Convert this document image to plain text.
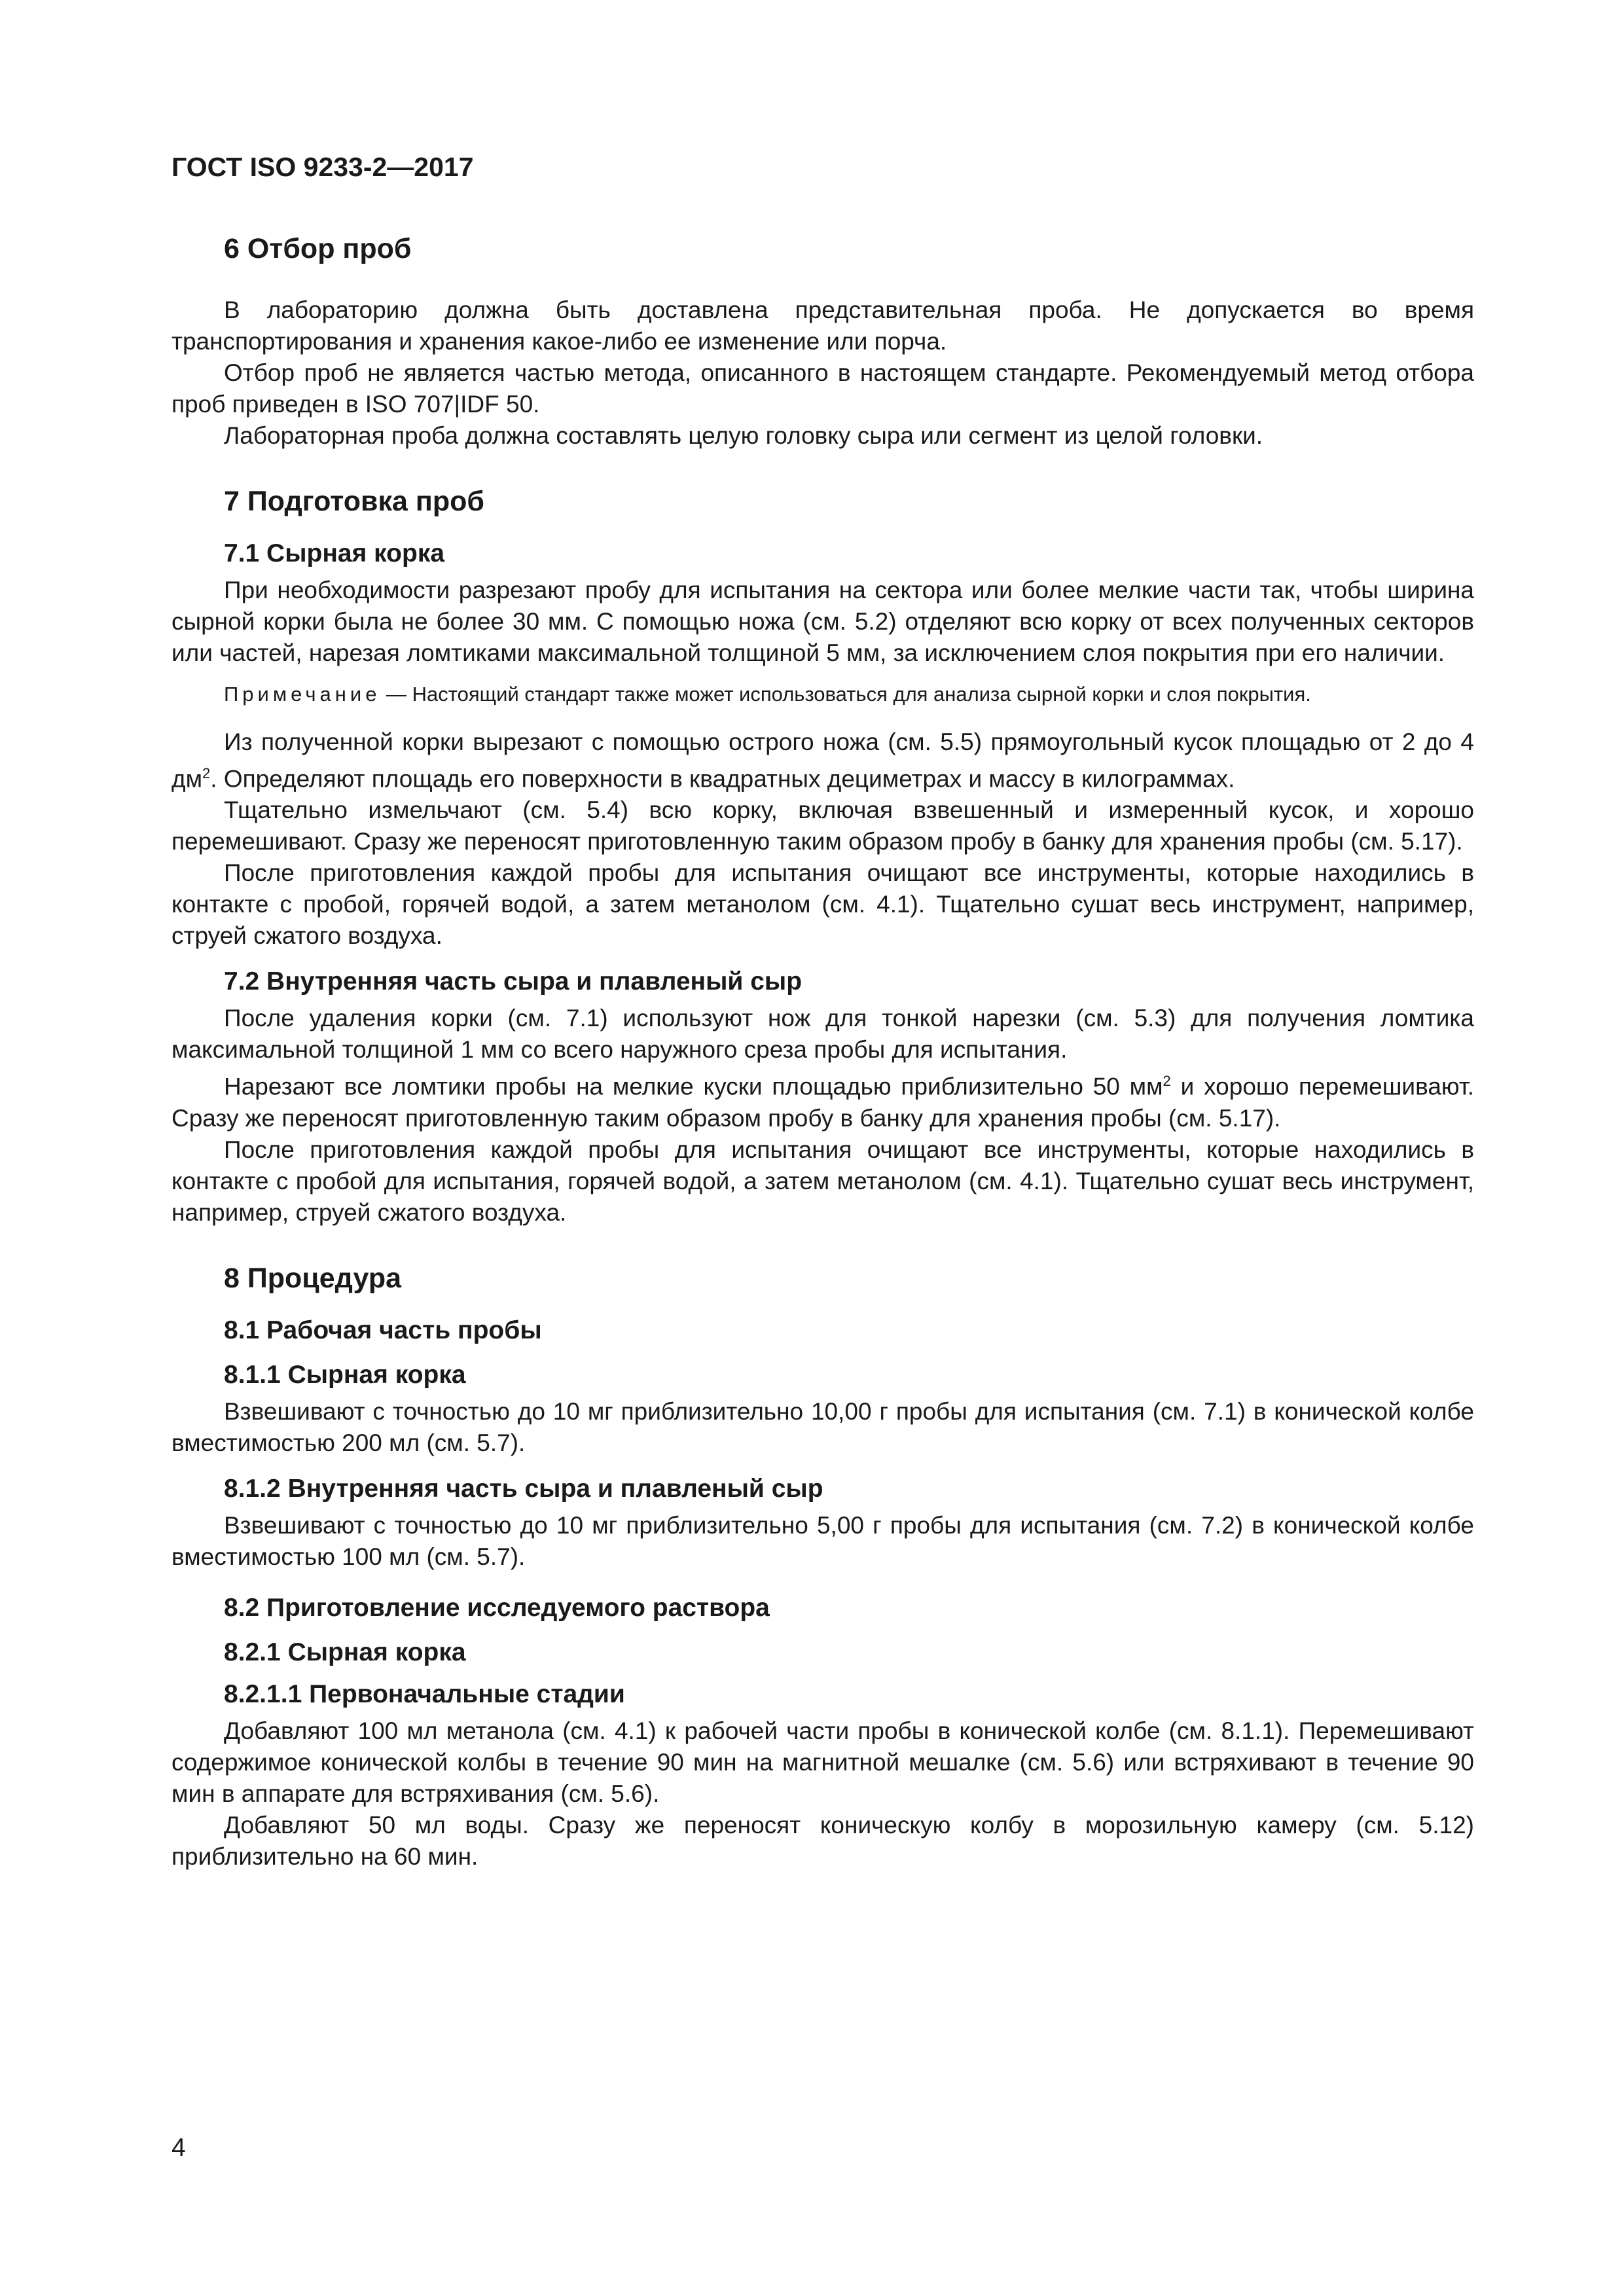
ГОСТ ISO 9233-2—2017
6 Отбор проб

В лабораторию должна быть доставлена представительная проба. Не допускается во время транспортирования и хранения какое-либо ее изменение или порча.

Отбор проб не является частью метода, описанного в настоящем стандарте. Рекомендуемый метод отбора проб приведен в ISO 707|IDF 50.

Лабораторная проба должна составлять целую головку сыра или сегмент из целой головки.

7 Подготовка проб
7.1 Сырная корка

При необходимости разрезают пробу для испытания на сектора или более мелкие части так, чтобы ширина сырной корки была не более 30 мм. С помощью ножа (см. 5.2) отделяют всю корку от всех полученных секторов или частей, нарезая ломтиками максимальной толщиной 5 мм, за исключением слоя покрытия при его наличии.

Примечание — Настоящий стандарт также может использоваться для анализа сырной корки и слоя покрытия.

Из полученной корки вырезают с помощью острого ножа (см. 5.5) прямоугольный кусок площадью от 2 до 4 $дм^2$. Определяют площадь его поверхности в квадратных дециметрах и массу в килограммах.

Тщательно измельчают (см. 5.4) всю корку, включая взвешенный и измеренный кусок, и хорошо перемешивают. Сразу же переносят приготовленную таким образом пробу в банку для хранения пробы (см. 5.17).

После приготовления каждой пробы для испытания очищают все инструменты, которые находились в контакте с пробой, горячей водой, а затем метанолом (см. 4.1). Тщательно сушат весь инструмент, например, струей сжатого воздуха.

7.2 Внутренняя часть сыра и плавленый сыр

После удаления корки (см. 7.1) используют нож для тонкой нарезки (см. 5.3) для получения ломтика максимальной толщиной 1 мм со всего наружного среза пробы для испытания.

Нарезают все ломтики пробы на мелкие куски площадью приблизительно 50 $мм^2$ и хорошо перемешивают. Сразу же переносят приготовленную таким образом пробу в банку для хранения пробы (см. 5.17).

После приготовления каждой пробы для испытания очищают все инструменты, которые находились в контакте с пробой для испытания, горячей водой, а затем метанолом (см. 4.1). Тщательно сушат весь инструмент, например, струей сжатого воздуха.

8 Процедура
8.1 Рабочая часть пробы
8.1.1 Сырная корка

Взвешивают с точностью до 10 мг приблизительно 10,00 г пробы для испытания (см. 7.1) в конической колбе вместимостью 200 мл (см. 5.7).

8.1.2 Внутренняя часть сыра и плавленый сыр

Взвешивают с точностью до 10 мг приблизительно 5,00 г пробы для испытания (см. 7.2) в конической колбе вместимостью 100 мл (см. 5.7).

8.2 Приготовление исследуемого раствора
8.2.1 Сырная корка
8.2.1.1 Первоначальные стадии

Добавляют 100 мл метанола (см. 4.1) к рабочей части пробы в конической колбе (см. 8.1.1). Перемешивают содержимое конической колбы в течение 90 мин на магнитной мешалке (см. 5.6) или встряхивают в течение 90 мин в аппарате для встряхивания (см. 5.6).

Добавляют 50 мл воды. Сразу же переносят коническую колбу в морозильную камеру (см. 5.12) приблизительно на 60 мин.

4
